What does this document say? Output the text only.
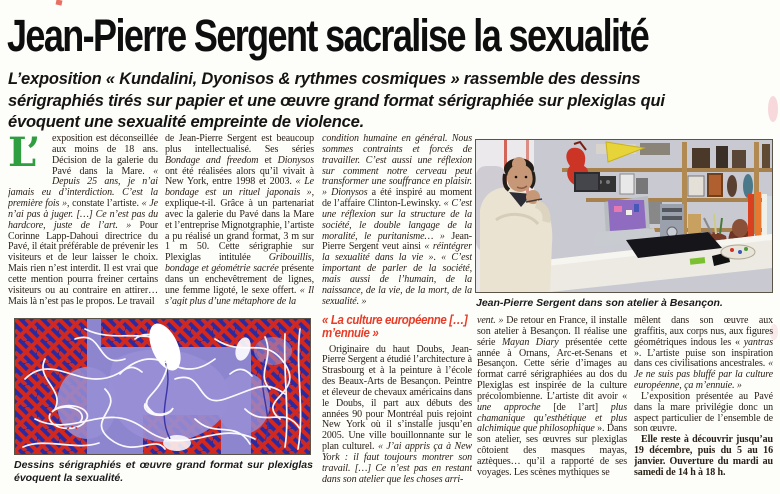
Jean-Pierre Sergent sacralise la sexualité
L’exposition « Kundalini, Dyonisos & rythmes cosmiques » rassemble des dessins
sérigraphiés tirés sur papier et une œuvre grand format sérigraphiée sur plexiglas qui
évoquent une sexualité empreinte de violence.
L’	exposition est déconseillée aux moins de 18 ans. Décision de la galerie du Pavé dans la Mare. « Depuis 25 ans, je n’ai jamais eu d’interdiction. C’est la première fois », constate l’artiste. « Je n’ai pas à juger. […] Ce n’est pas du hardcore, juste de l’art. » Pour Corinne Lapp-Dahoui directrice du Pavé, il était préférable de prévenir les visiteurs et de leur laisser le choix. Mais rien n’est interdit. Il est vrai que cette mention pourra freiner certains visiteurs ou au contraire en attirer… Mais là n’est pas le propos. Le travail
de Jean-Pierre Sergent est beaucoup plus intellectualisé. Ses séries Bondage and freedom et Dionysos ont été réalisées alors qu’il vivait à New York, entre 1998 et 2003. « Le bondage est un rituel japonais », explique-t-il. Grâce à un partenariat avec la galerie du Pavé dans la Mare et l’entreprise Mignotgraphie, l’artiste a pu réalisé un grand format, 3 m sur 1 m 50. Cette sérigraphie sur Plexiglas intitulée Gribouillis, bondage et géométrie sacrée présente dans un enchevêtrement de lignes, une femme ligoté, le sexe offert. « Il s’agit plus d’une métaphore de la
condition humaine en général. Nous sommes contraints et forcés de travailler. C’est aussi une réflexion sur comment notre cerveau peut transformer une souffrance en plaisir. » Dionysos a été inspiré au moment de l’affaire Clinton-Lewinsky. « C’est une réflexion sur la structure de la société, le double langage de la moralité, le puritanisme… » Jean-Pierre Sergent veut ainsi « réintégrer la sexualité dans la vie ». « C’est important de parler de la société, mais aussi de l’humain, de la naissance, de la vie, de la mort, de la sexualité. »
« La culture européenne […]
m’ennuie »

Originaire du haut Doubs, Jean-Pierre Sergent a étudié l’architecture à Strasbourg et à la peinture à l’école des Beaux-Arts de Besançon. Peintre et éleveur de chevaux américains dans le Doubs, il part aux débuts des années 90 pour Montréal puis rejoint New York où il s’installe jusqu’en 2005. Une ville bouillonnante sur le plan culturel. « J’ai appris ça à New York : il faut toujours montrer son travail. […] Ce n’est pas en restant dans son atelier que les choses arri-

Jean-Pierre Sergent dans son atelier à Besançon.
vent. » De retour en France, il installe son atelier à Besançon. Il réalise une série Mayan Diary présentée cette année à Ornans, Arc-et-Senans et Besançon. Cette série d’images au format carré sérigraphiées au dos du Plexiglas est inspirée de la culture précolombienne. L’artiste dit avoir « une approche [de l’art] plus chamanique qu’esthétique et plus alchimique que philosophique ». Dans son atelier, ses œuvres sur plexiglas côtoient des masques mayas, aztèques… qu’il a rapporté de ses voyages. Les scènes mythiques se

mêlent dans son œuvre aux graffitis, aux corps nus, aux figures géométriques indous les « yantras ». L’artiste puise son inspiration dans ces civilisations ancestrales. « Je ne suis pas bluffé par la culture européenne, ça m’ennuie. »

L’exposition présentée au Pavé dans la mare privilégie donc un aspect particulier de l’ensemble de son œuvre.

Elle reste à découvrir jusqu’au 19 décembre, puis du 5 au 16 janvier. Ouverture du mardi au samedi de 14 h à 18 h.

Dessins sérigraphiés et œuvre grand format sur plexiglas évoquent la sexualité.
